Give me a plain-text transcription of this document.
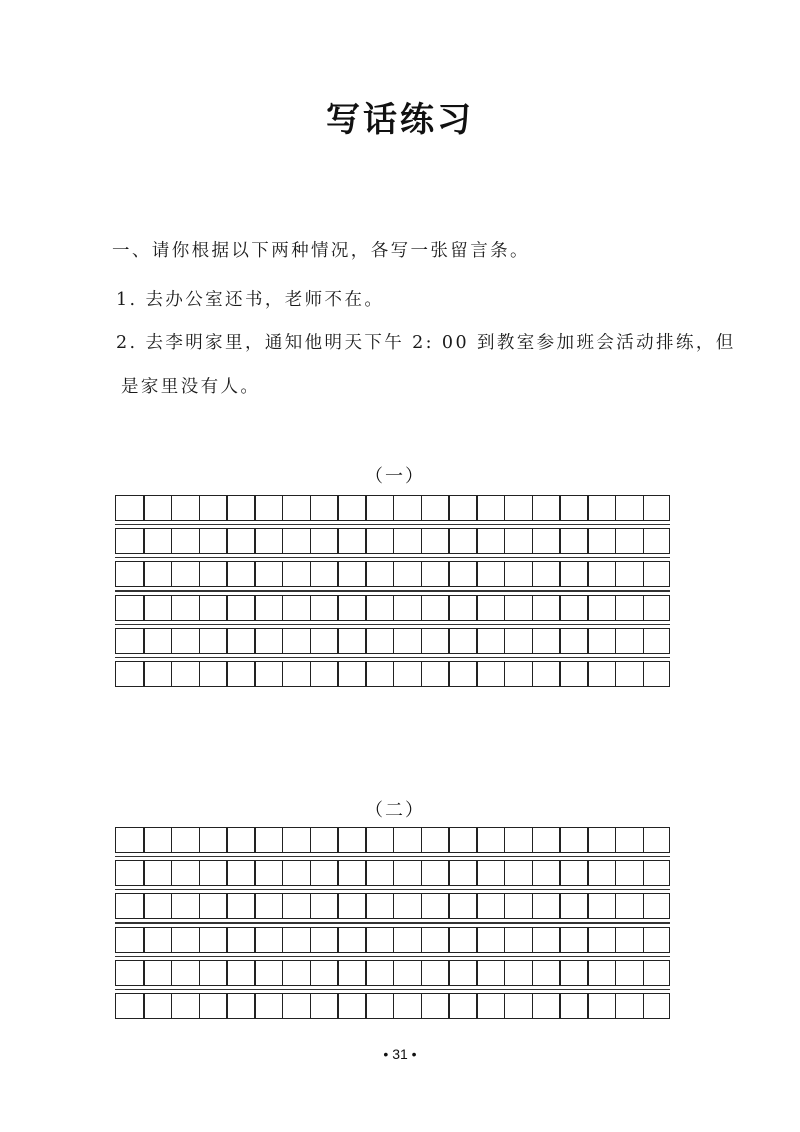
写话练习
一、请你根据以下两种情况，各写一张留言条。
1. 去办公室还书，老师不在。
2. 去李明家里，通知他明天下午 2: 00 到教室参加班会活动排练，但
是家里没有人。
（一）
（二）
• 31 •
